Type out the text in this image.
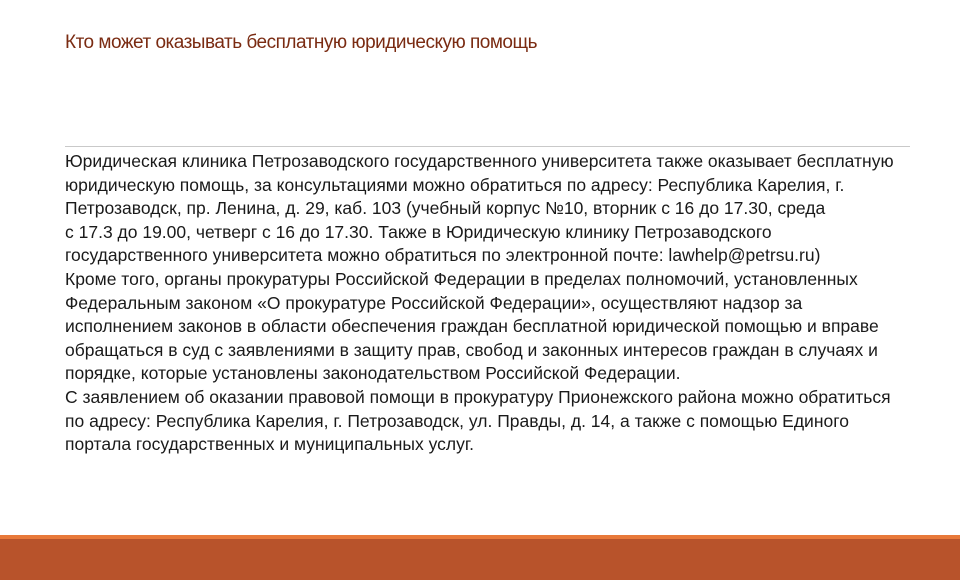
Кто может оказывать бесплатную юридическую помощь
Юридическая клиника Петрозаводского государственного университета также оказывает бесплатную
юридическую помощь, за консультациями можно обратиться по адресу: Республика Карелия, г.
Петрозаводск, пр. Ленина, д. 29, каб. 103 (учебный корпус №10, вторник с 16 до 17.30, среда
с 17.3 до 19.00, четверг с 16 до 17.30. Также в Юридическую клинику Петрозаводского
государственного университета можно обратиться по электронной почте: lawhelp@petrsu.ru)
Кроме того, органы прокуратуры Российской Федерации в пределах полномочий, установленных
Федеральным законом «О прокуратуре Российской Федерации», осуществляют надзор за
исполнением законов в области обеспечения граждан бесплатной юридической помощью и вправе
обращаться в суд с заявлениями в защиту прав, свобод и законных интересов граждан в случаях и
порядке, которые установлены законодательством Российской Федерации.
С заявлением об оказании правовой помощи в прокуратуру Прионежского района можно обратиться
по адресу: Республика Карелия, г. Петрозаводск, ул. Правды, д. 14, а также с помощью Единого
портала государственных и муниципальных услуг.
